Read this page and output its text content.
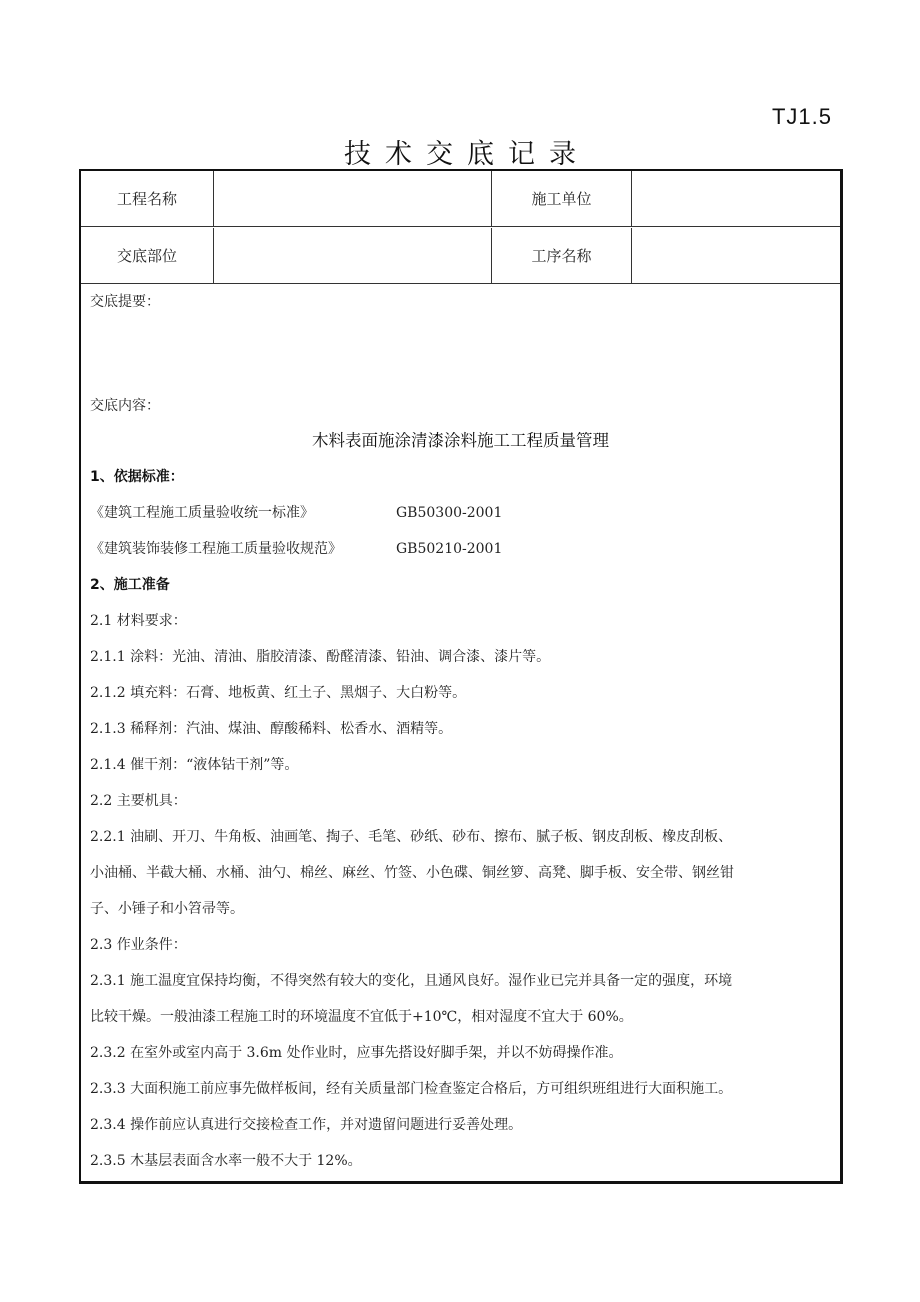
TJ1.5
技术交底记录
工程名称	施工单位
交底部位	工序名称
交底提要：
交底内容：
木料表面施涂清漆涂料施工工程质量管理
1、依据标准：
《建筑工程施工质量验收统一标准》	GB50300-2001
《建筑装饰装修工程施工质量验收规范》	GB50210-2001
2、施工准备
2.1 材料要求：
2.1.1 涂料：光油、清油、脂胶清漆、酚醛清漆、铅油、调合漆、漆片等。
2.1.2 填充料：石膏、地板黄、红土子、黑烟子、大白粉等。
2.1.3 稀释剂：汽油、煤油、醇酸稀料、松香水、酒精等。
2.1.4 催干剂：“液体钴干剂”等。
2.2 主要机具：
2.2.1 油刷、开刀、牛角板、油画笔、掏子、毛笔、砂纸、砂布、擦布、腻子板、钢皮刮板、橡皮刮板、
小油桶、半截大桶、水桶、油勺、棉丝、麻丝、竹签、小色碟、铜丝箩、高凳、脚手板、安全带、钢丝钳
子、小锤子和小笤帚等。
2.3 作业条件：
2.3.1 施工温度宜保持均衡，不得突然有较大的变化，且通风良好。湿作业已完并具备一定的强度，环境
比较干燥。一般油漆工程施工时的环境温度不宜低于+10℃，相对湿度不宜大于 60%。
2.3.2 在室外或室内高于 3.6m 处作业时，应事先搭设好脚手架，并以不妨碍操作准。
2.3.3 大面积施工前应事先做样板间，经有关质量部门检查鉴定合格后，方可组织班组进行大面积施工。
2.3.4 操作前应认真进行交接检查工作，并对遗留问题进行妥善处理。
2.3.5 木基层表面含水率一般不大于 12%。
